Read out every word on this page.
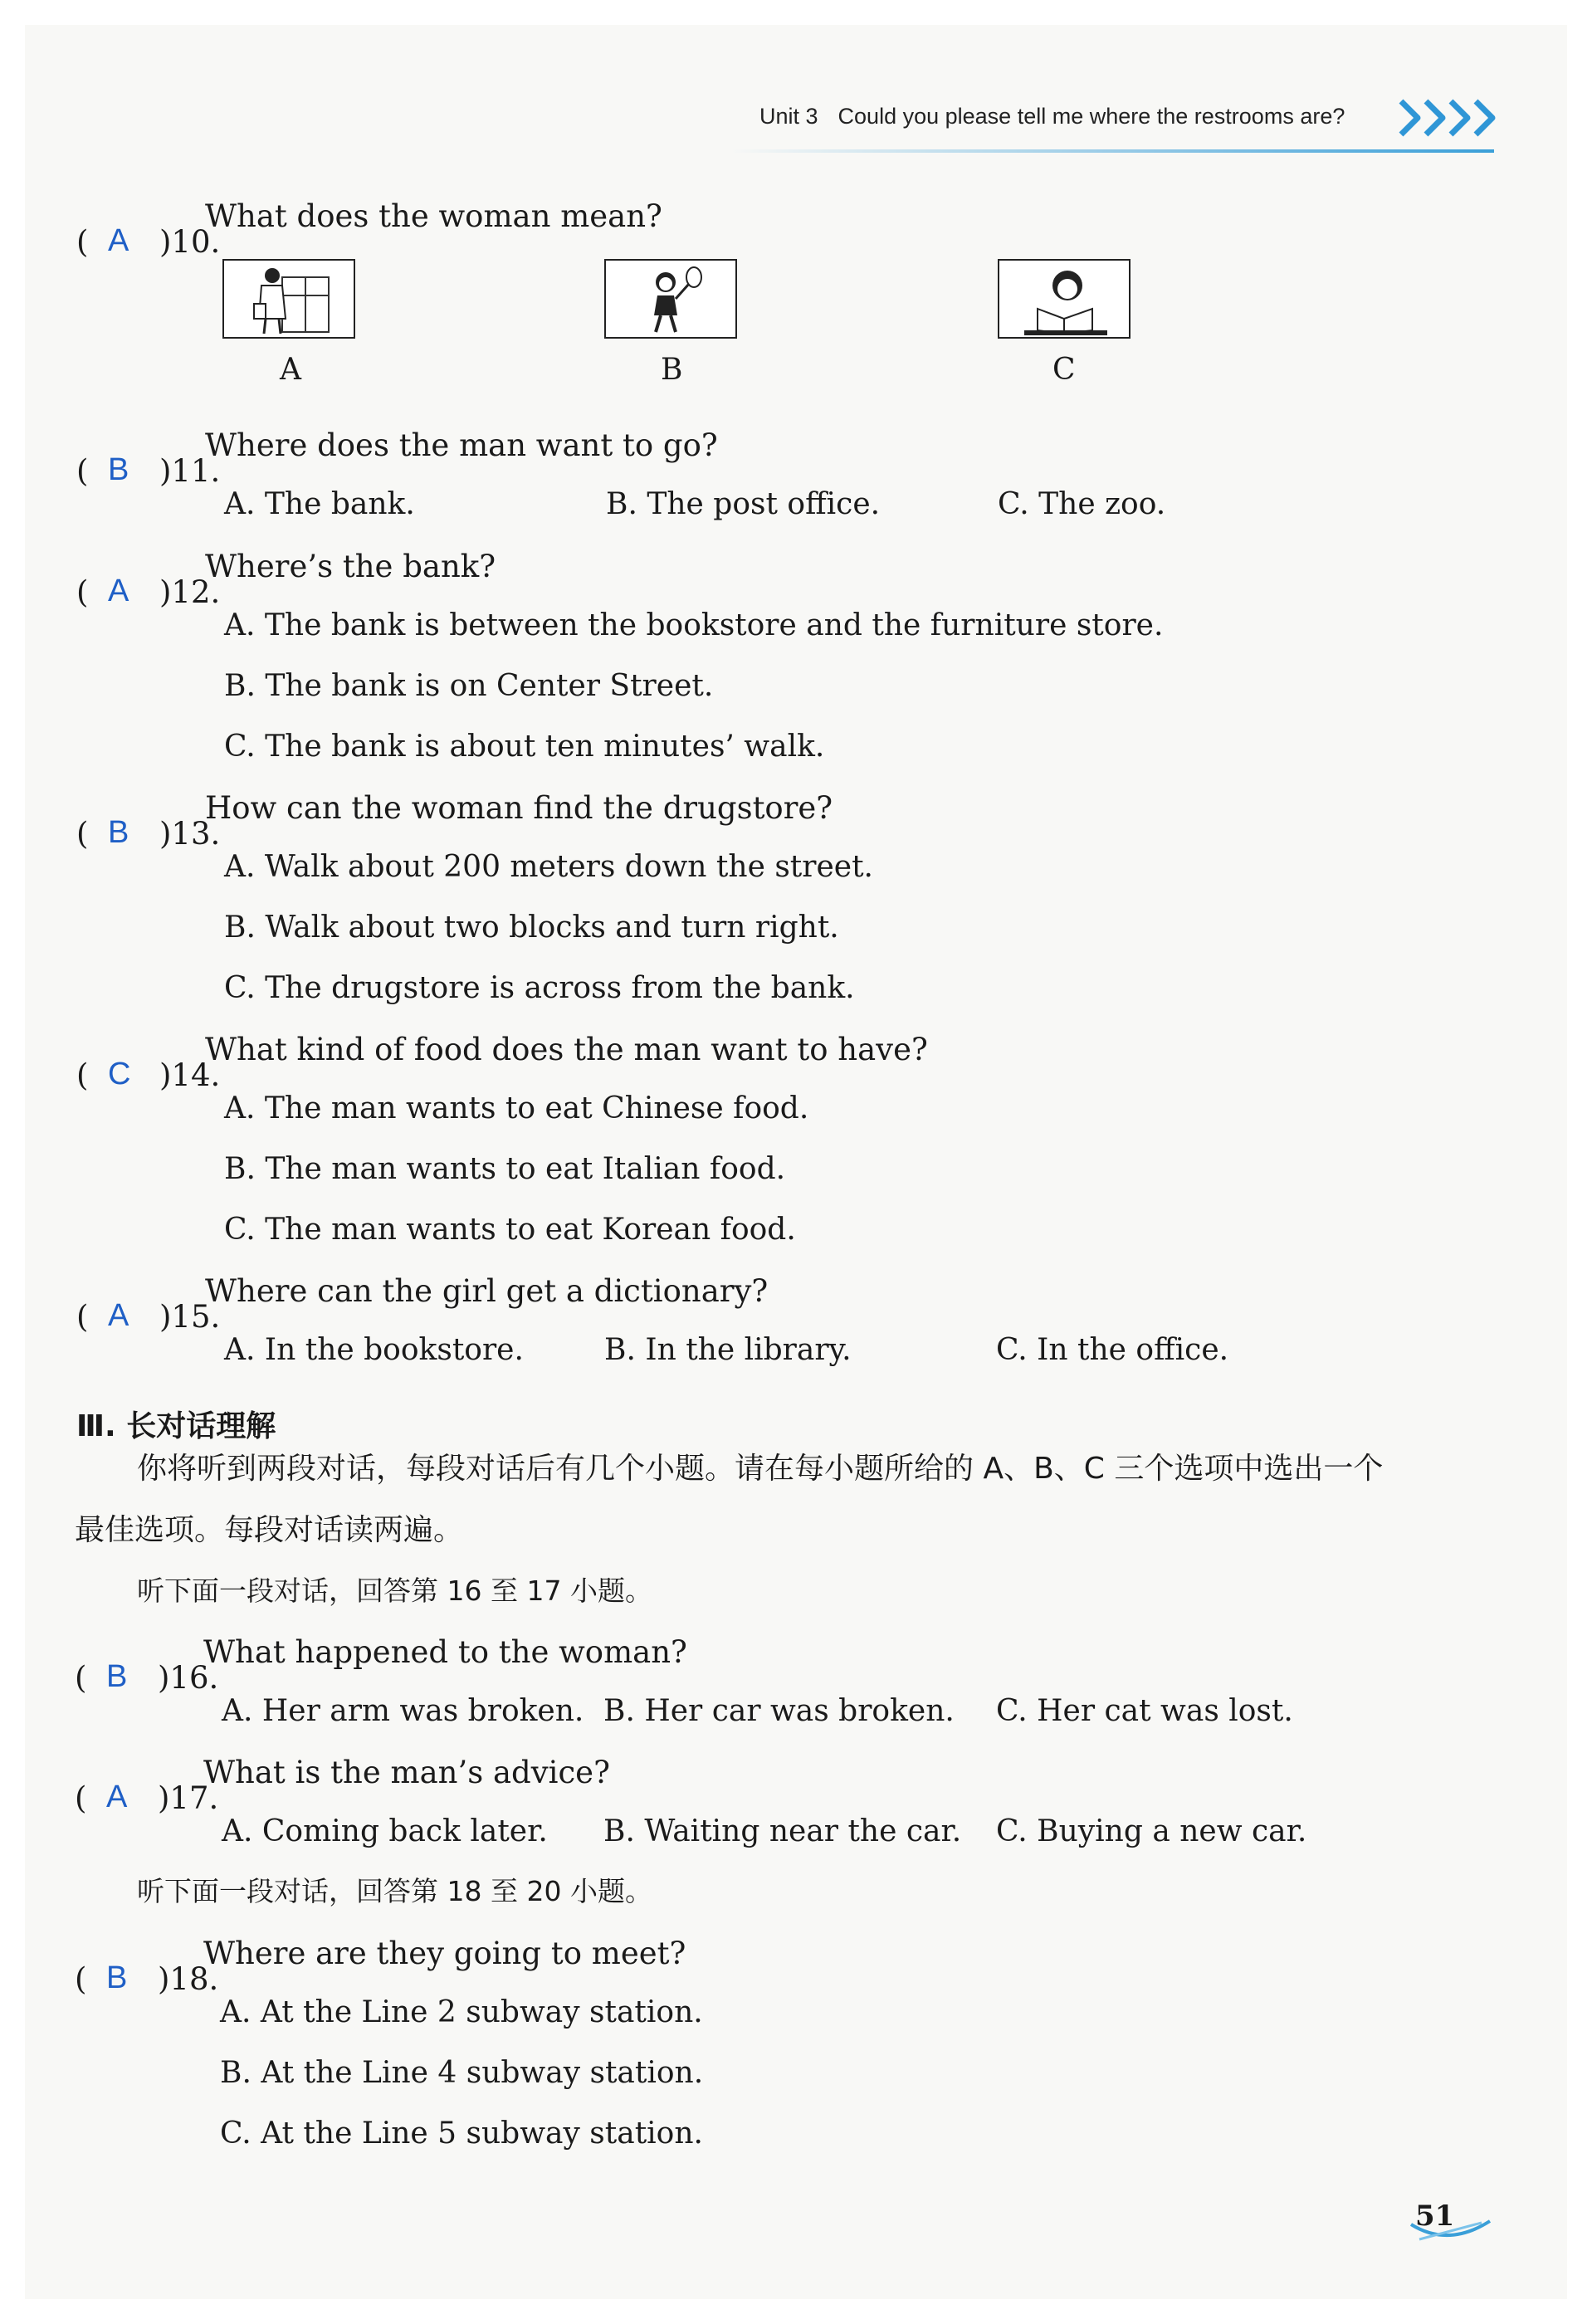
Unit 3 Could you please tell me where the restrooms are?
( A )10.
What does the woman mean?
A	B	C
( B )11.
Where does the man want to go?
A. The bank.	B. The post office.	C. The zoo.
( A )12.
Where’s the bank?
A. The bank is between the bookstore and the furniture store.
B. The bank is on Center Street.
C. The bank is about ten minutes’ walk.
( B )13.
How can the woman find the drugstore?
A. Walk about 200 meters down the street.
B. Walk about two blocks and turn right.
C. The drugstore is across from the bank.
( C )14.
What kind of food does the man want to have?
A. The man wants to eat Chinese food.
B. The man wants to eat Italian food.
C. The man wants to eat Korean food.
( A )15.
Where can the girl get a dictionary?
A. In the bookstore.	B. In the library.	C. In the office.
Ⅲ. 长对话理解
你将听到两段对话，每段对话后有几个小题。请在每小题所给的 A、B、C 三个选项中选出一个
最佳选项。每段对话读两遍。
听下面一段对话，回答第 16 至 17 小题。
( B )16.
What happened to the woman?
A. Her arm was broken. B. Her car was broken. C. Her cat was lost.
( A )17.
What is the man’s advice?
A. Coming back later. B. Waiting near the car. C. Buying a new car.
听下面一段对话，回答第 18 至 20 小题。
( B )18.
Where are they going to meet?
A. At the Line 2 subway station.
B. At the Line 4 subway station.
C. At the Line 5 subway station.
51
